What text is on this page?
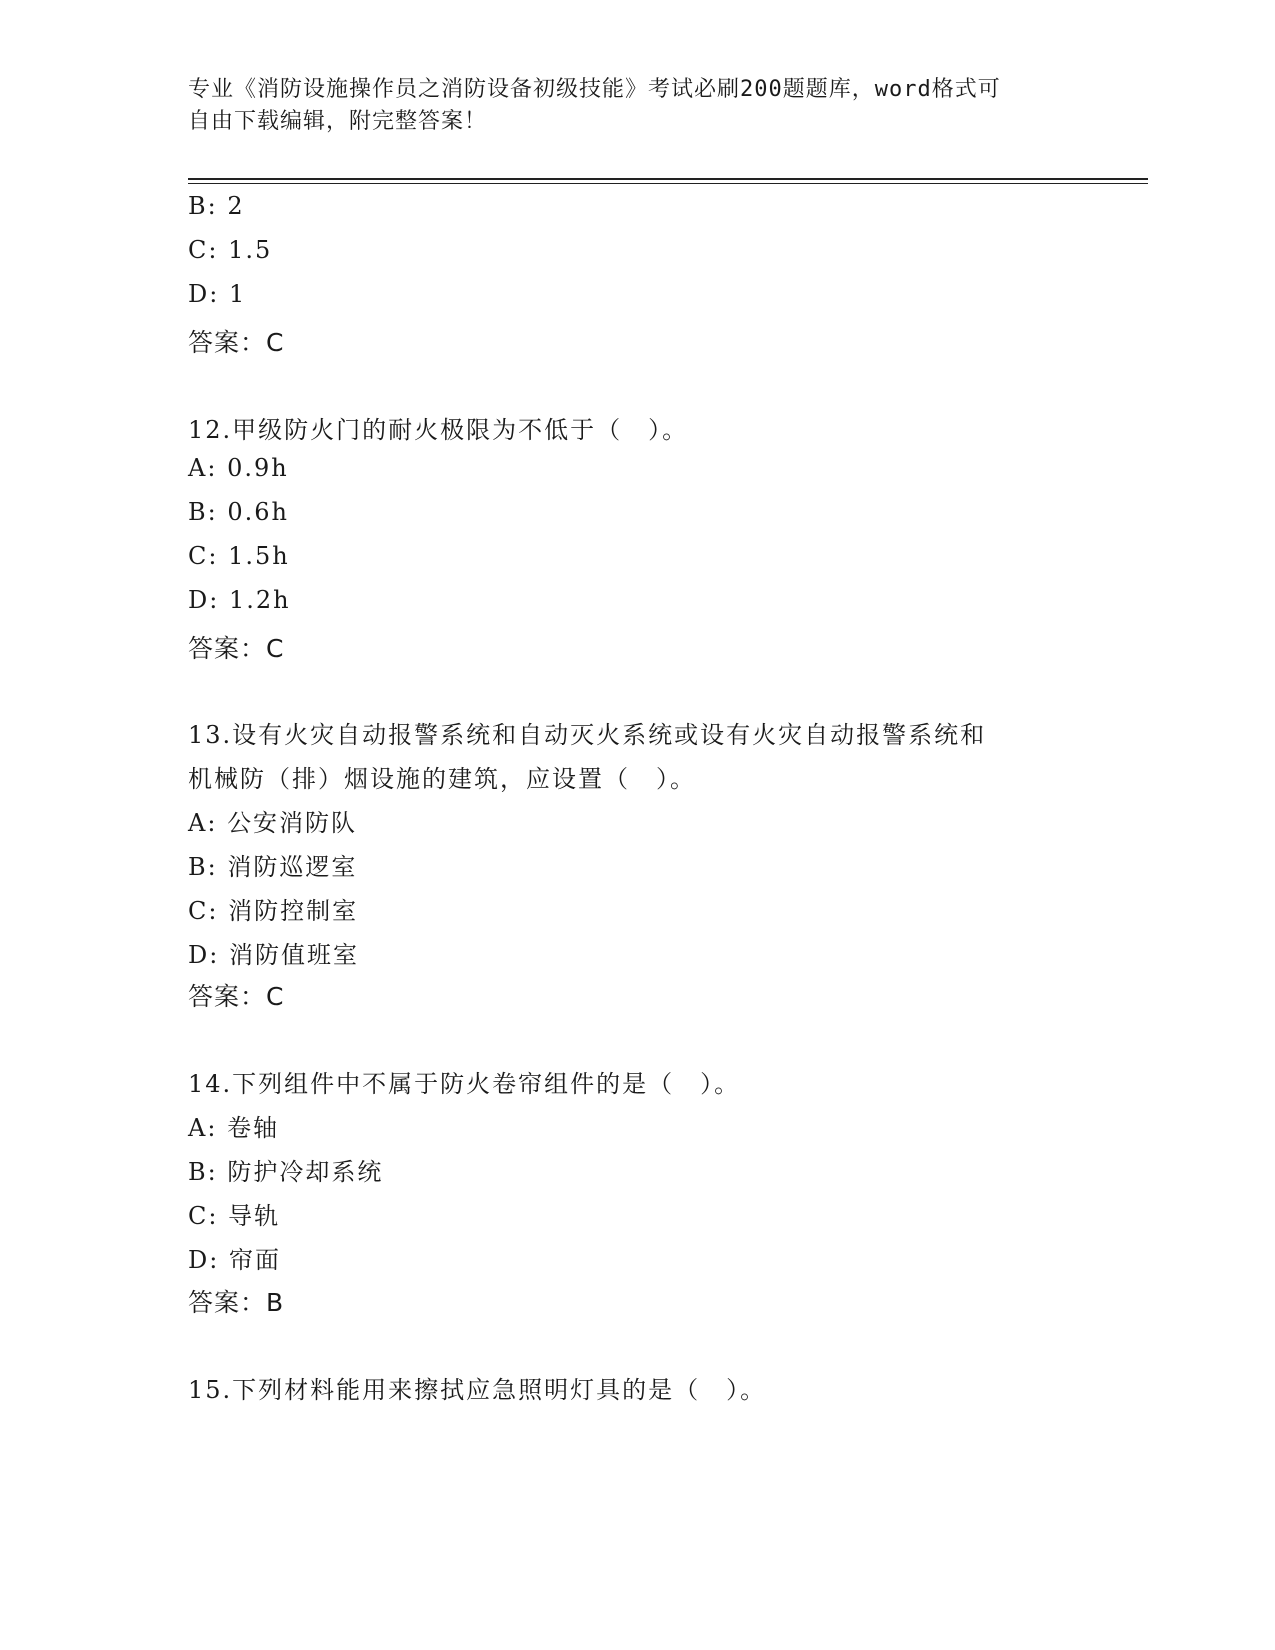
专业《消防设施操作员之消防设备初级技能》考试必刷200题题库，word格式可
自由下载编辑，附完整答案！
B: 2
C: 1.5
D: 1
答案：C
12.甲级防火门的耐火极限为不低于（　）。
A: 0.9h
B: 0.6h
C: 1.5h
D: 1.2h
答案：C
13.设有火灾自动报警系统和自动灭火系统或设有火灾自动报警系统和
机械防（排）烟设施的建筑，应设置（　）。
A: 公安消防队
B: 消防巡逻室
C: 消防控制室
D: 消防值班室
答案：C
14.下列组件中不属于防火卷帘组件的是（　）。
A: 卷轴
B: 防护冷却系统
C: 导轨
D: 帘面
答案：B
15.下列材料能用来擦拭应急照明灯具的是（　）。
